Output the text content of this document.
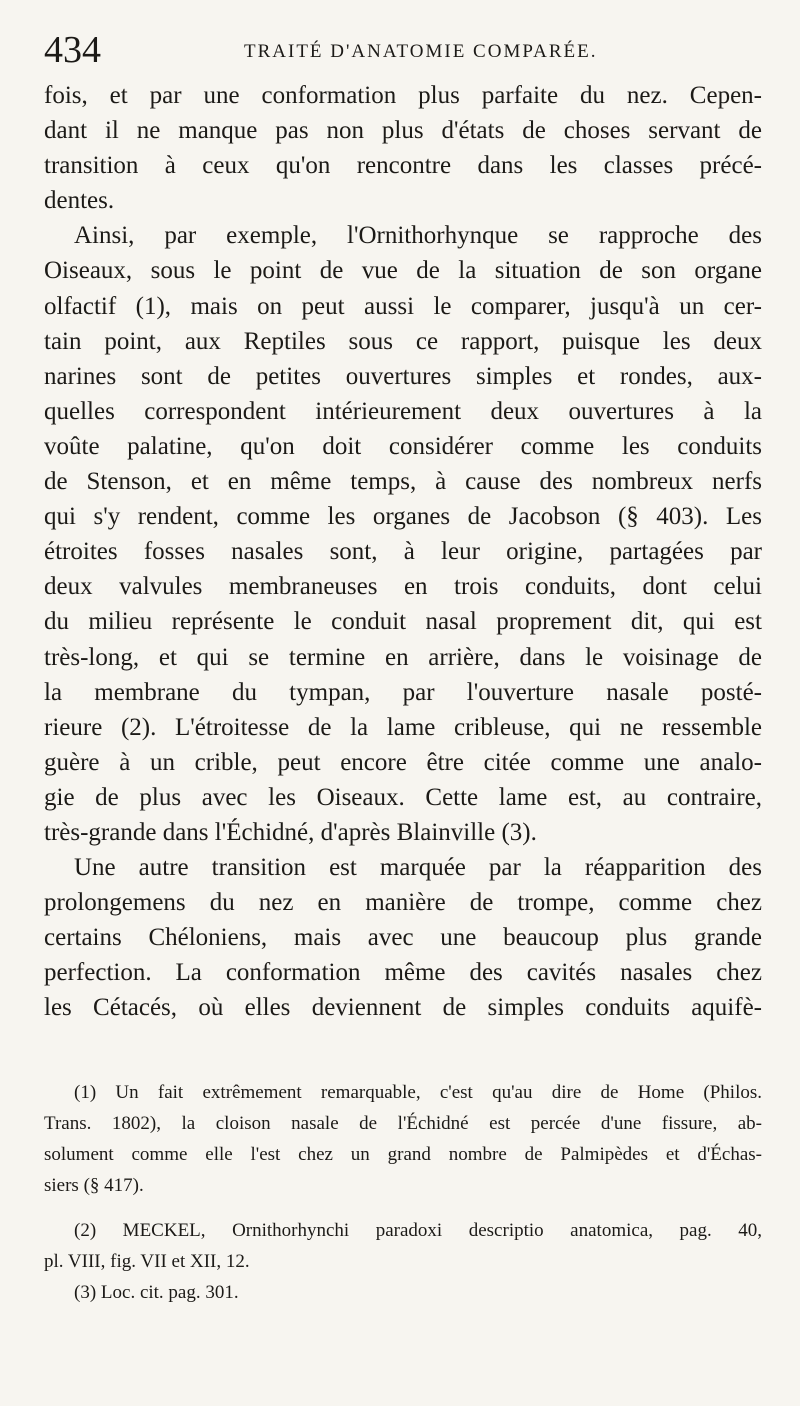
434	TRAITÉ D'ANATOMIE COMPARÉE.
fois, et par une conformation plus parfaite du nez. Cepen-
dant il ne manque pas non plus d'états de choses servant de
transition à ceux qu'on rencontre dans les classes précé-
dentes.
Ainsi, par exemple, l'Ornithorhynque se rapproche des
Oiseaux, sous le point de vue de la situation de son organe
olfactif (1), mais on peut aussi le comparer, jusqu'à un cer-
tain point, aux Reptiles sous ce rapport, puisque les deux
narines sont de petites ouvertures simples et rondes, aux-
quelles correspondent intérieurement deux ouvertures à la
voûte palatine, qu'on doit considérer comme les conduits
de Stenson, et en même temps, à cause des nombreux nerfs
qui s'y rendent, comme les organes de Jacobson (§ 403). Les
étroites fosses nasales sont, à leur origine, partagées par
deux valvules membraneuses en trois conduits, dont celui
du milieu représente le conduit nasal proprement dit, qui est
très-long, et qui se termine en arrière, dans le voisinage de
la membrane du tympan, par l'ouverture nasale posté-
rieure (2). L'étroitesse de la lame cribleuse, qui ne ressemble
guère à un crible, peut encore être citée comme une analo-
gie de plus avec les Oiseaux. Cette lame est, au contraire,
très-grande dans l'Échidné, d'après Blainville (3).
Une autre transition est marquée par la réapparition des
prolongemens du nez en manière de trompe, comme chez
certains Chéloniens, mais avec une beaucoup plus grande
perfection. La conformation même des cavités nasales chez
les Cétacés, où elles deviennent de simples conduits aquifè-
(1) Un fait extrêmement remarquable, c'est qu'au dire de Home (Philos.
Trans. 1802), la cloison nasale de l'Échidné est percée d'une fissure, ab-
solument comme elle l'est chez un grand nombre de Palmipèdes et d'Échas-
siers (§ 417).
(2) MECKEL, Ornithorhynchi paradoxi descriptio anatomica, pag. 40,
pl. VIII, fig. VII et XII, 12.
(3) Loc. cit. pag. 301.
